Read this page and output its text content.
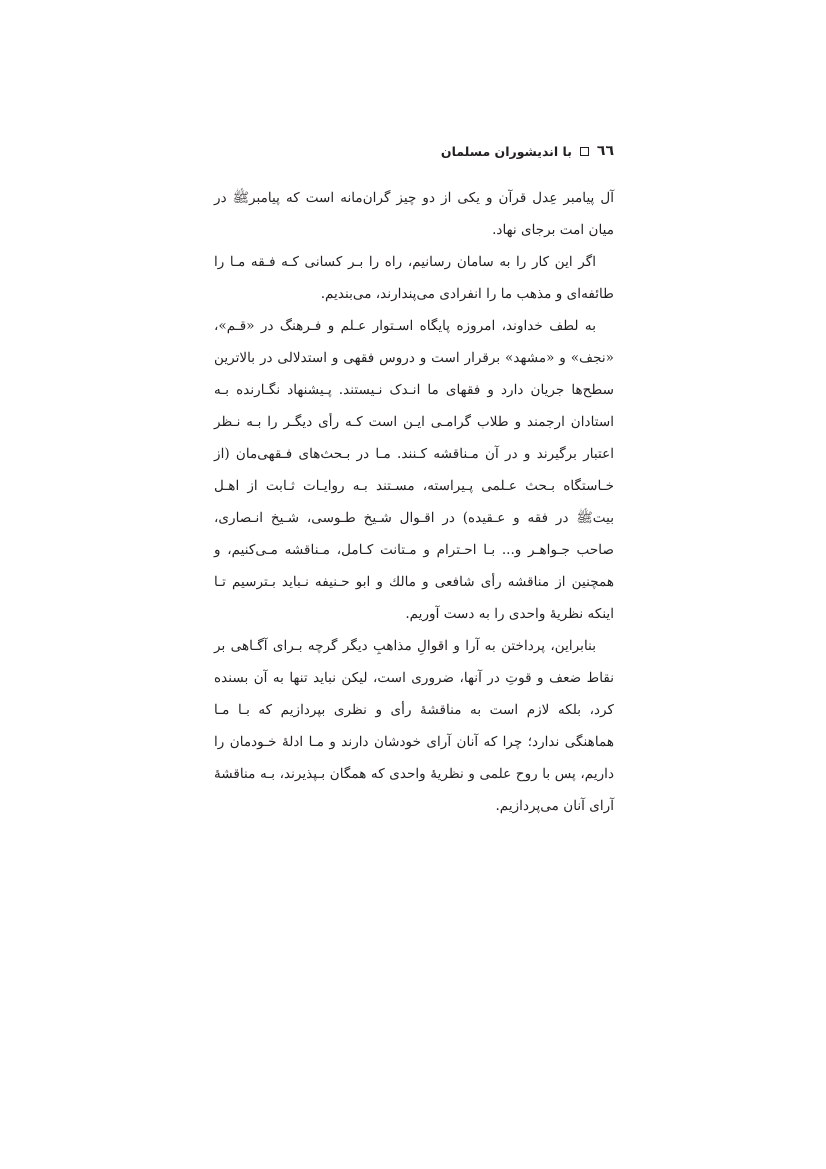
٦٦
با اندیشوران مسلمان

آل پیامبر عِدل قرآن و یکی از دو چیز گران‌مانه است که پیامبرﷺ در میان امت برجای نهاد.

اگر این کار را به سامان رسانیم، راه را بـر کسانی کـه فـقه مـا را طائفه‌ای و مذهب ما را انفرادی می‌پندارند، می‌بندیم.

به لطف خداوند، امروزه پایگاه اسـتوار عـلم و فـرهنگ در «قـم»، «نجف» و «مشهد» برقرار است و دروس فقهی و استدلالی در بالاترین سطح‌ها جریان دارد و فقهای ما انـدک نـیستند. پـیشنهاد نگـارنده بـه استادان ارجمند و طلاب گرامـی ایـن است کـه رأی دیگـر را بـه نـظر اعتبار برگیرند و در آن مـناقشه کـنند. مـا در بـحث‌های فـقهی‌مان (از خـاستگاه بـحث عـلمی پـیراسته، مسـتند بـه روایـات ثـابت از اهـل بیتﷺ در فقه و عـقیده) در اقـوال شـیخ طـوسی، شـیخ انـصاری، صاحب جـواهـر و... بـا احـترام و مـتانت کـامل، مـناقشه مـی‌کنیم، و همچنین از مناقشه رأی شافعی و مالك و ابو حـنیفه نـباید بـترسیم تـا اینکه نظریهٔ واحدی را به دست آوریم.

بنابراین، پرداختن به آرا و اقوالِ مذاهبِ دیگر گرچه بـرای آگـاهی بر نقاط ضعف و قوتِ در آنها، ضروری است، لیکن نباید تنها به آن بسنده کرد، بلکه لازم است به مناقشهٔ رأی و نظری بپردازیم که بـا مـا هماهنگی ندارد؛ چرا که آنان آرای خودشان دارند و مـا ادلهٔ خـودمان را داریم، پس با روح علمی و نظریهٔ واحدی که همگان بـپذیرند، بـه مناقشهٔ آرای آنان می‌پردازیم.
